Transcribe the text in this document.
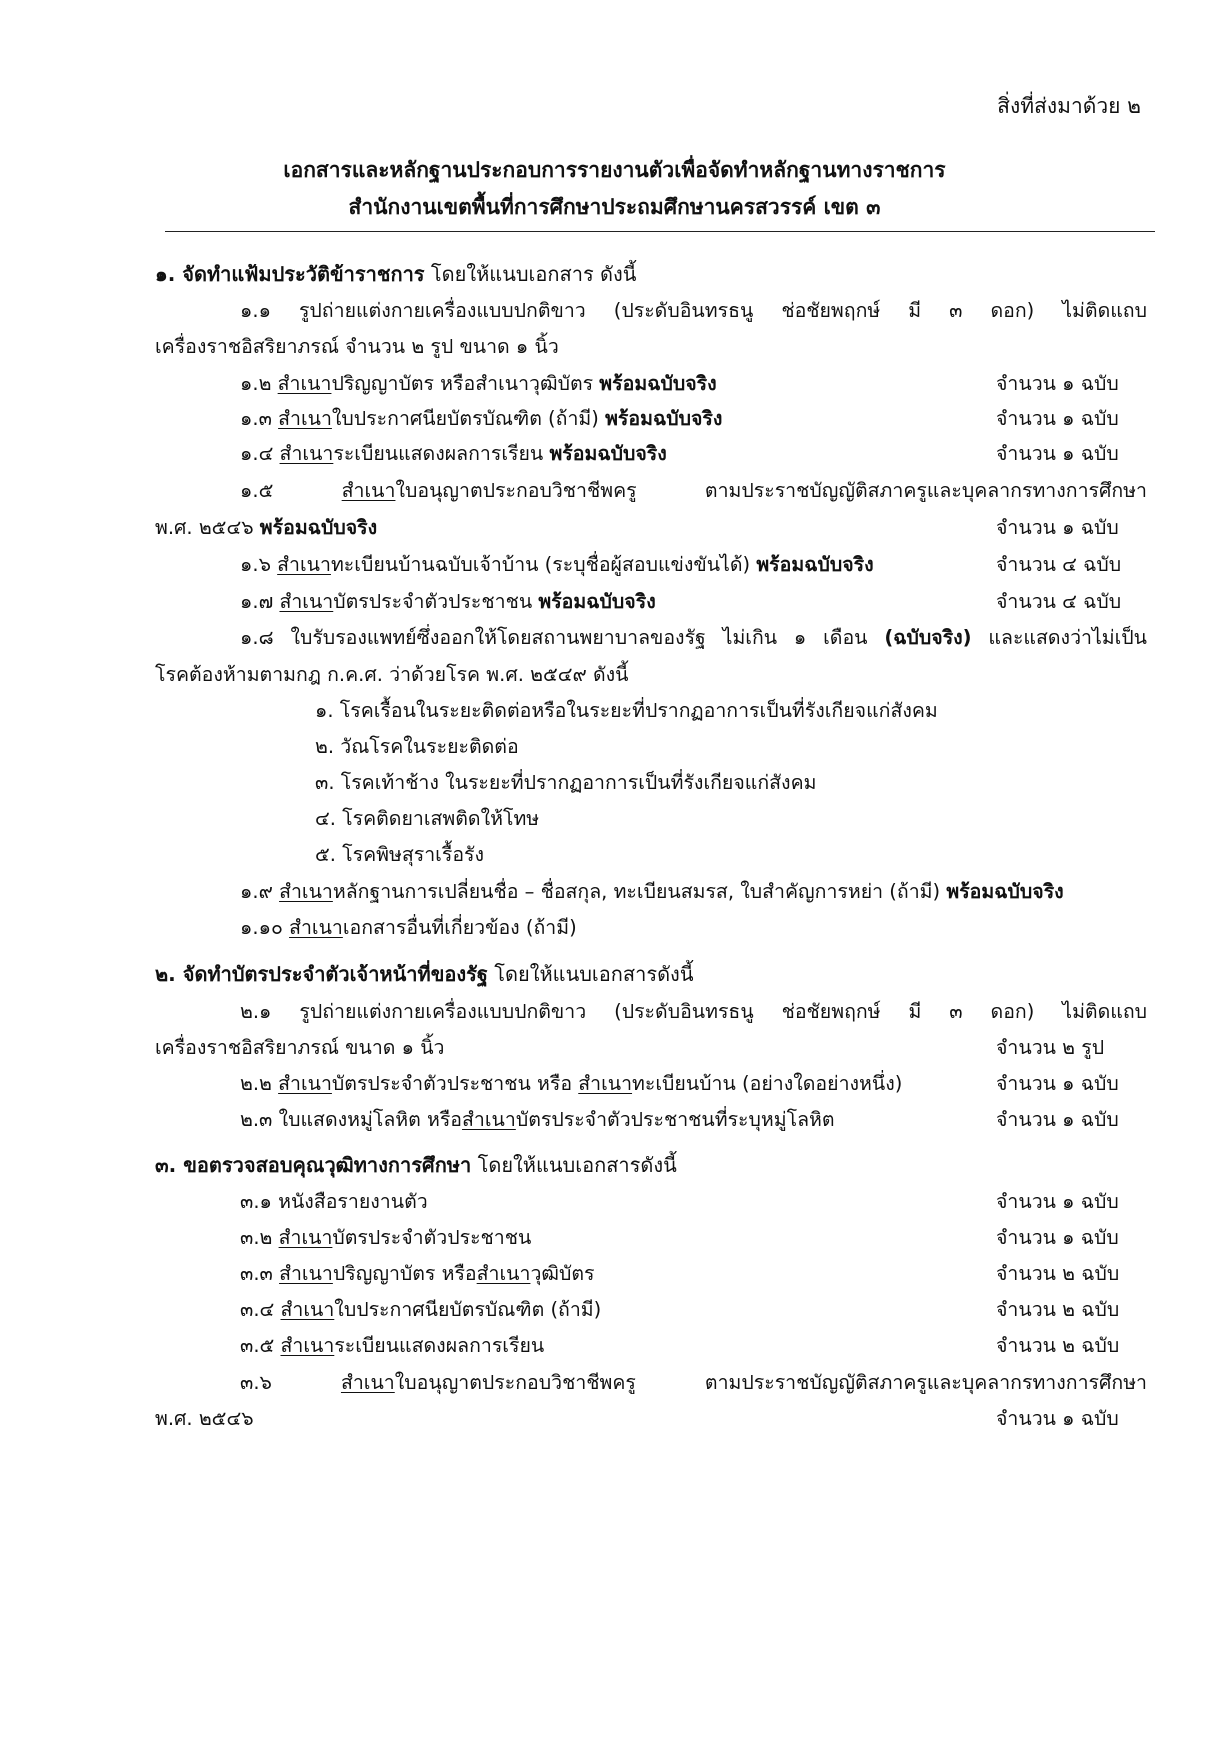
สิ่งที่ส่งมาด้วย ๒
เอกสารและหลักฐานประกอบการรายงานตัวเพื่อจัดทำหลักฐานทางราชการ
สำนักงานเขตพื้นที่การศึกษาประถมศึกษานครสวรรค์ เขต ๓
๑. จัดทำแฟ้มประวัติข้าราชการ โดยให้แนบเอกสาร ดังนี้
๑.๑ รูปถ่ายแต่งกายเครื่องแบบปกติขาว (ประดับอินทรธนู ช่อชัยพฤกษ์ มี ๓ ดอก) ไม่ติดแถบ
เครื่องราชอิสริยาภรณ์ จำนวน ๒ รูป ขนาด ๑ นิ้ว
๑.๒ สำเนาปริญญาบัตร หรือสำเนาวุฒิบัตร พร้อมฉบับจริง	จำนวน ๑ ฉบับ
๑.๓ สำเนาใบประกาศนียบัตรบัณฑิต (ถ้ามี) พร้อมฉบับจริง	จำนวน ๑ ฉบับ
๑.๔ สำเนาระเบียนแสดงผลการเรียน พร้อมฉบับจริง	จำนวน ๑ ฉบับ
๑.๕ สำเนาใบอนุญาตประกอบวิชาชีพครู ตามประราชบัญญัติสภาครูและบุคลากรทางการศึกษา
พ.ศ. ๒๕๔๖ พร้อมฉบับจริง	จำนวน ๑ ฉบับ
๑.๖ สำเนาทะเบียนบ้านฉบับเจ้าบ้าน (ระบุชื่อผู้สอบแข่งขันได้) พร้อมฉบับจริง	จำนวน ๔ ฉบับ
๑.๗ สำเนาบัตรประจำตัวประชาชน พร้อมฉบับจริง	จำนวน ๔ ฉบับ
๑.๘ ใบรับรองแพทย์ซึ่งออกให้โดยสถานพยาบาลของรัฐ ไม่เกิน ๑ เดือน (ฉบับจริง) และแสดงว่าไม่เป็น
โรคต้องห้ามตามกฎ ก.ค.ศ. ว่าด้วยโรค พ.ศ. ๒๕๔๙ ดังนี้
๑. โรคเรื้อนในระยะติดต่อหรือในระยะที่ปรากฏอาการเป็นที่รังเกียจแก่สังคม
๒. วัณโรคในระยะติดต่อ
๓. โรคเท้าช้าง ในระยะที่ปรากฏอาการเป็นที่รังเกียจแก่สังคม
๔. โรคติดยาเสพติดให้โทษ
๕. โรคพิษสุราเรื้อรัง
๑.๙ สำเนาหลักฐานการเปลี่ยนชื่อ – ชื่อสกุล, ทะเบียนสมรส, ใบสำคัญการหย่า (ถ้ามี) พร้อมฉบับจริง
๑.๑๐ สำเนาเอกสารอื่นที่เกี่ยวข้อง (ถ้ามี)
๒. จัดทำบัตรประจำตัวเจ้าหน้าที่ของรัฐ โดยให้แนบเอกสารดังนี้
๒.๑ รูปถ่ายแต่งกายเครื่องแบบปกติขาว (ประดับอินทรธนู ช่อชัยพฤกษ์ มี ๓ ดอก) ไม่ติดแถบ
เครื่องราชอิสริยาภรณ์ ขนาด ๑ นิ้ว	จำนวน ๒ รูป
๒.๒ สำเนาบัตรประจำตัวประชาชน หรือ สำเนาทะเบียนบ้าน (อย่างใดอย่างหนึ่ง)	จำนวน ๑ ฉบับ
๒.๓ ใบแสดงหมู่โลหิต หรือสำเนาบัตรประจำตัวประชาชนที่ระบุหมู่โลหิต	จำนวน ๑ ฉบับ
๓. ขอตรวจสอบคุณวุฒิทางการศึกษา โดยให้แนบเอกสารดังนี้
๓.๑ หนังสือรายงานตัว	จำนวน ๑ ฉบับ
๓.๒ สำเนาบัตรประจำตัวประชาชน	จำนวน ๑ ฉบับ
๓.๓ สำเนาปริญญาบัตร หรือสำเนาวุฒิบัตร	จำนวน ๒ ฉบับ
๓.๔ สำเนาใบประกาศนียบัตรบัณฑิต (ถ้ามี)	จำนวน ๒ ฉบับ
๓.๕ สำเนาระเบียนแสดงผลการเรียน	จำนวน ๒ ฉบับ
๓.๖ สำเนาใบอนุญาตประกอบวิชาชีพครู ตามประราชบัญญัติสภาครูและบุคลากรทางการศึกษา
พ.ศ. ๒๕๔๖	จำนวน ๑ ฉบับ
